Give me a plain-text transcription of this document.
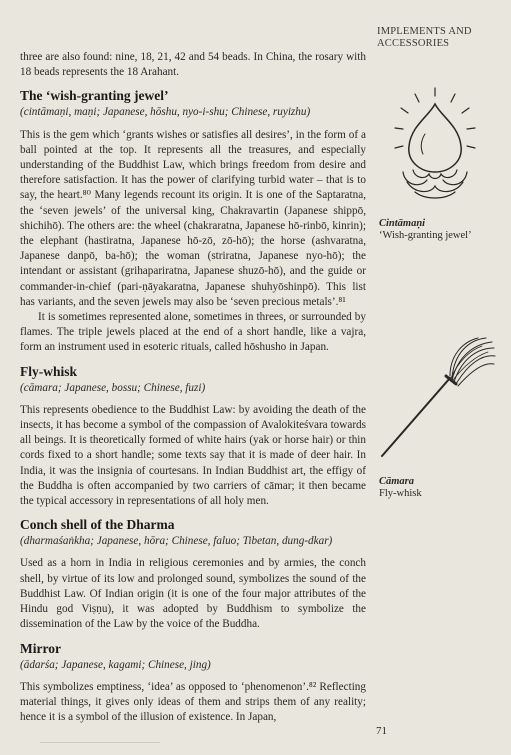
IMPLEMENTS AND ACCESSORIES

three are also found: nine, 18, 21, 42 and 54 beads. In China, the rosary with 18 beads represents the 18 Arahant.

The ‘wish-granting jewel’

(cintāmaṇi, maṇi; Japanese, hōshu, nyo-i-shu; Chinese, ruyizhu)

This is the gem which ‘grants wishes or satisfies all desires’, in the form of a ball pointed at the top. It represents all the treasures, and especially understanding of the Buddhist Law, which brings freedom from desire and therefore satisfaction. It has the power of clarifying turbid water – that is to say, the heart.⁸⁰ Many legends recount its origin. It is one of the Saptaratna, the ‘seven jewels’ of the universal king, Chakravartin (Japanese shippō, shichihō). The others are: the wheel (chakraratna, Japanese hō-rinbō, kinrin); the elephant (hastiratna, Japanese hō-zō, zō-hō); the horse (ashvaratna, Japanese danpō, ba-hō); the woman (striratna, Japanese nyo-hō); the intendant or assistant (grihapariratna, Japanese shuzō-hō), and the guide or commander-in-chief (pari-ṇāyakaratna, Japanese shuhyōshinpō). This list has variants, and the seven jewels may also be ‘seven precious metals’.⁸¹

It is sometimes represented alone, sometimes in threes, or surrounded by flames. The triple jewels placed at the end of a short handle, like a vajra, form an instrument used in esoteric rituals, called hōshusho in Japan.

Fly-whisk

(cāmara; Japanese, bossu; Chinese, fuzi)

This represents obedience to the Buddhist Law: by avoiding the death of the insects, it has become a symbol of the compassion of Avalokiteśvara towards all beings. It is theoretically formed of white hairs (yak or horse hair) or thin cords fixed to a short handle; some texts say that it is made of deer hair. In India, it was the insignia of courtesans. In Indian Buddhist art, the effigy of the Buddha is often accompanied by two carriers of cāmar; it then became the typical accessory in representations of all holy men.

Conch shell of the Dharma

(dharmaśaṅkha; Japanese, hōra; Chinese, faluo; Tibetan, dung-dkar)

Used as a horn in India in religious ceremonies and by armies, the conch shell, by virtue of its low and prolonged sound, symbolizes the sound of the Buddhist Law. Of Indian origin (it is one of the four major attributes of the Hindu god Viṣṇu), it was adopted by Buddhism to symbolize the dissemination of the Law by the voice of the Buddha.

Mirror

(ādarśa; Japanese, kagami; Chinese, jing)

This symbolizes emptiness, ‘idea’ as opposed to ‘phenomenon’.⁸² Reflecting material things, it gives only ideas of them and strips them of any reality; hence it is a symbol of the illusion of existence. In Japan,

Cintāmaṇi
‘Wish-granting jewel’
Cāmara
Fly-whisk
71
